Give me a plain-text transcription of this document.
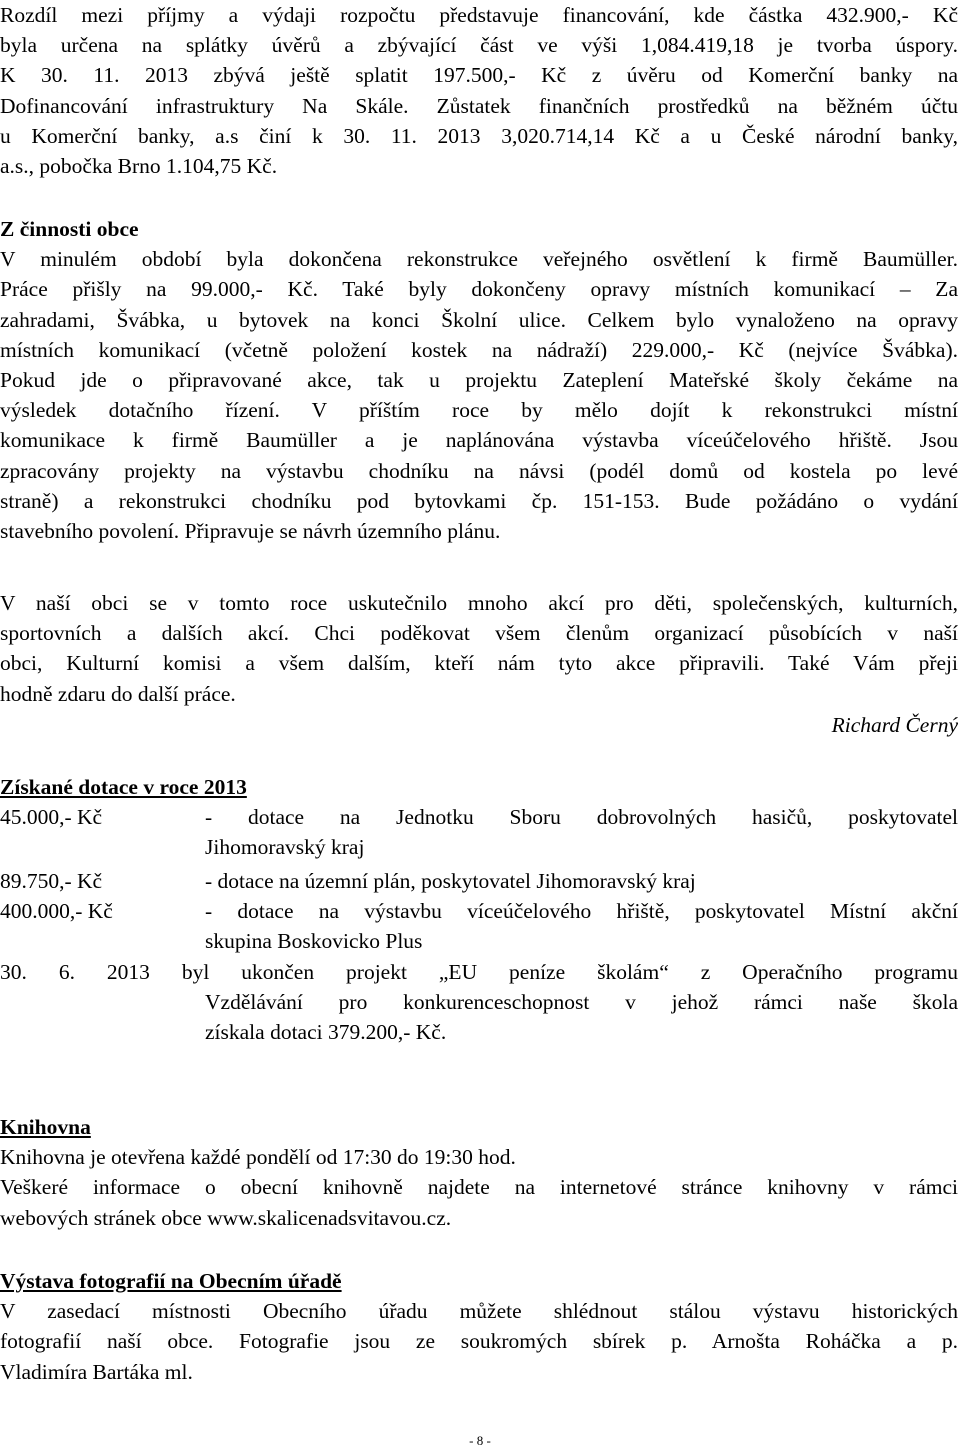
Rozdíl mezi příjmy a výdaji rozpočtu představuje financování, kde částka 432.900,- Kč
byla určena na splátky úvěrů a zbývající část ve výši 1,084.419,18 je tvorba úspory.
K 30. 11. 2013 zbývá ještě splatit 197.500,- Kč z úvěru od Komerční banky na
Dofinancování infrastruktury Na Skále. Zůstatek finančních prostředků na běžném účtu
u Komerční banky, a.s činí k 30. 11. 2013 3,020.714,14 Kč a u České národní banky,
a.s., pobočka Brno 1.104,75 Kč.
Z činnosti obce
V minulém období byla dokončena rekonstrukce veřejného osvětlení k firmě Baumüller.
Práce přišly na 99.000,- Kč. Také byly dokončeny opravy místních komunikací – Za
zahradami, Švábka, u bytovek na konci Školní ulice. Celkem bylo vynaloženo na opravy
místních komunikací (včetně položení kostek na nádraží) 229.000,- Kč (nejvíce Švábka).
Pokud jde o připravované akce, tak u projektu Zateplení Mateřské školy čekáme na
výsledek dotačního řízení. V příštím roce by mělo dojít k rekonstrukci místní
komunikace k firmě Baumüller a je naplánována výstavba víceúčelového hřiště. Jsou
zpracovány projekty na výstavbu chodníku na návsi (podél domů od kostela po levé
straně) a rekonstrukci chodníku pod bytovkami čp. 151-153. Bude požádáno o vydání
stavebního povolení. Připravuje se návrh územního plánu.
V naší obci se v tomto roce uskutečnilo mnoho akcí pro děti, společenských, kulturních,
sportovních a dalších akcí. Chci poděkovat všem členům organizací působících v naší
obci, Kulturní komisi a všem dalším, kteří nám tyto akce připravili. Také Vám přeji
hodně zdaru do další práce.
Richard Černý
Získané dotace v roce 2013
45.000,- Kč	- dotace na Jednotku Sboru dobrovolných hasičů, poskytovatel
Jihomoravský kraj
89.750,- Kč	- dotace na územní plán, poskytovatel Jihomoravský kraj
400.000,- Kč	- dotace na výstavbu víceúčelového hřiště, poskytovatel Místní akční
skupina Boskovicko Plus
30. 6. 2013 byl ukončen projekt „EU peníze školám“ z Operačního programu
Vzdělávání pro konkurenceschopnost v jehož rámci naše škola
získala dotaci 379.200,- Kč.
Knihovna
Knihovna je otevřena každé pondělí od 17:30 do 19:30 hod.
Veškeré informace o obecní knihovně najdete na internetové stránce knihovny v rámci
webových stránek obce www.skalicenadsvitavou.cz.
Výstava fotografií na Obecním úřadě
V zasedací místnosti Obecního úřadu můžete shlédnout stálou výstavu historických
fotografií naší obce. Fotografie jsou ze soukromých sbírek p. Arnošta Roháčka a p.
Vladimíra Bartáka ml.
- 8 -
